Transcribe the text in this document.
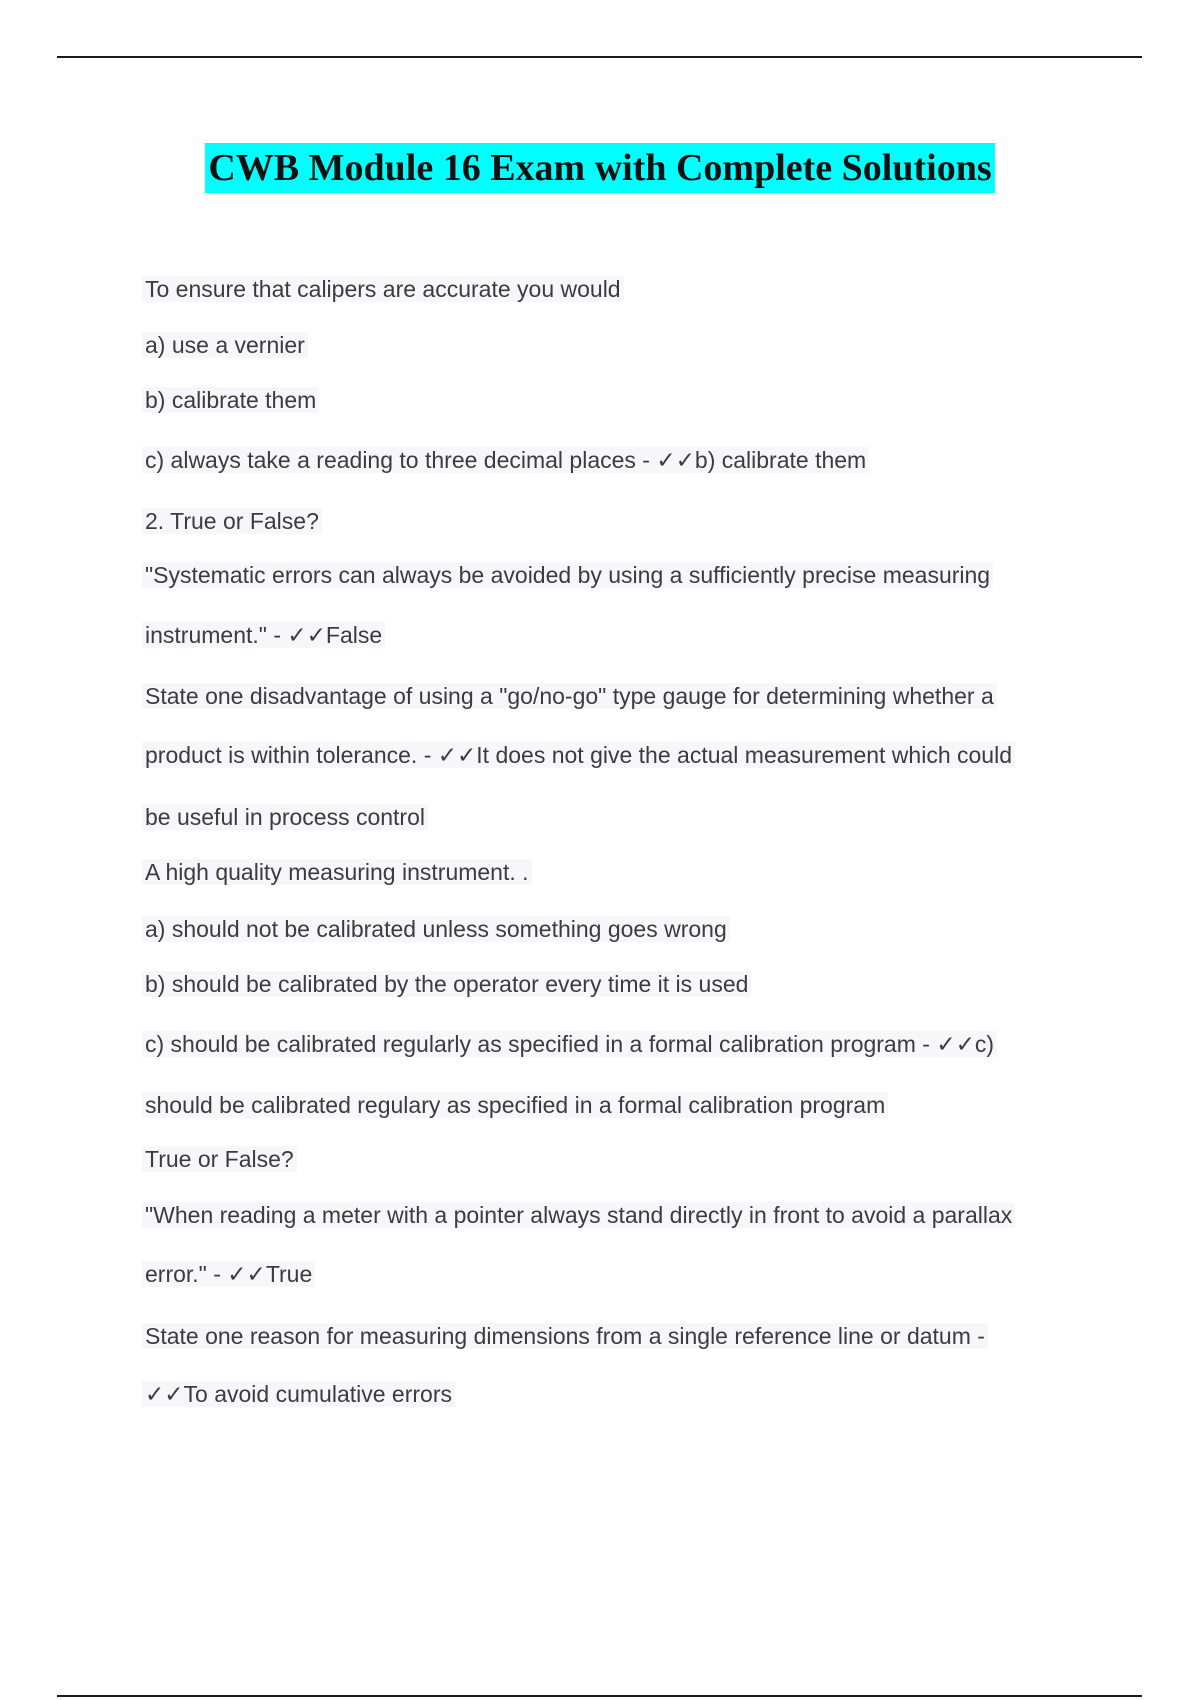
CWB Module 16 Exam with Complete Solutions
To ensure that calipers are accurate you would
a) use a vernier
b) calibrate them
c) always take a reading to three decimal places - ✓✓b) calibrate them
2. True or False?
"Systematic errors can always be avoided by using a sufficiently precise measuring
instrument." - ✓✓False
State one disadvantage of using a "go/no-go" type gauge for determining whether a
product is within tolerance. - ✓✓It does not give the actual measurement which could
be useful in process control
A high quality measuring instrument. .
a) should not be calibrated unless something goes wrong
b) should be calibrated by the operator every time it is used
c) should be calibrated regularly as specified in a formal calibration program - ✓✓c)
should be calibrated regulary as specified in a formal calibration program
True or False?
"When reading a meter with a pointer always stand directly in front to avoid a parallax
error." - ✓✓True
State one reason for measuring dimensions from a single reference line or datum -
✓✓To avoid cumulative errors
